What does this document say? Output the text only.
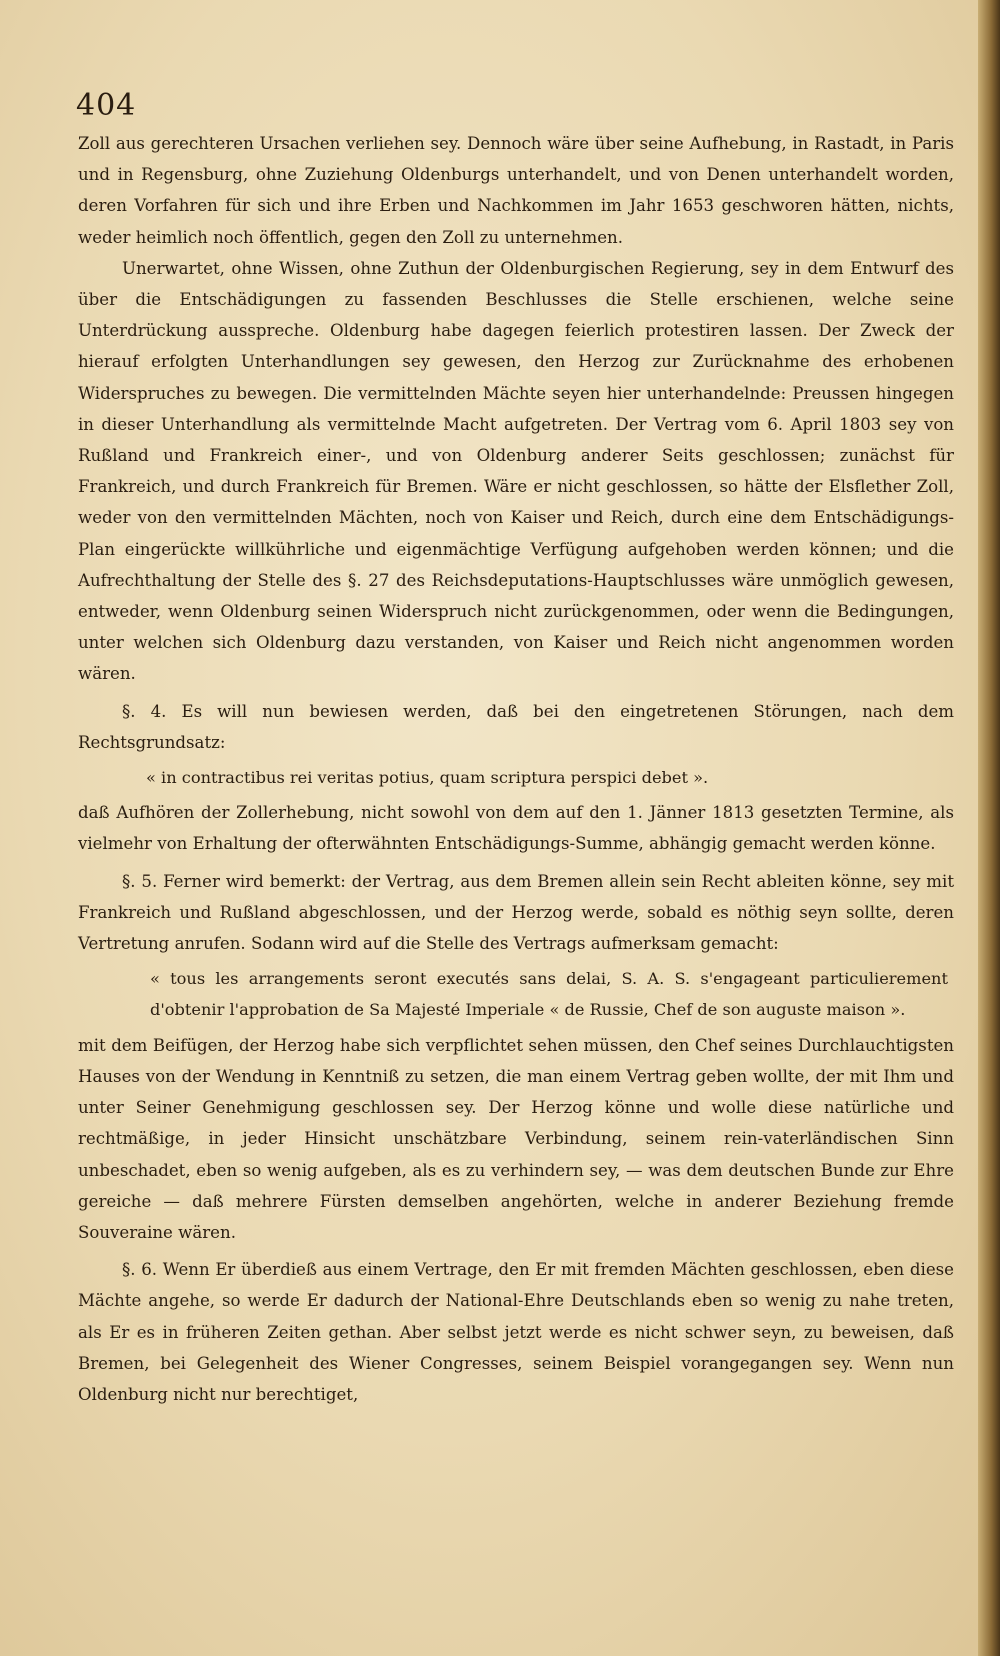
404

Zoll aus gerechteren Ursachen verliehen sey. Dennoch wäre über seine Aufhebung, in Rastadt, in Paris und in Regensburg, ohne Zuziehung Oldenburgs unterhandelt, und von Denen unterhandelt worden, deren Vorfahren für sich und ihre Erben und Nachkommen im Jahr 1653 geschworen hätten, nichts, weder heimlich noch öffentlich, gegen den Zoll zu unternehmen.

Unerwartet, ohne Wissen, ohne Zuthun der Oldenburgischen Regierung, sey in dem Entwurf des über die Entschädigungen zu fassenden Beschlusses die Stelle erschienen, welche seine Unterdrückung ausspreche. Oldenburg habe dagegen feierlich protestiren lassen. Der Zweck der hierauf erfolgten Unterhandlungen sey gewesen, den Herzog zur Zurücknahme des erhobenen Widerspruches zu bewegen. Die vermittelnden Mächte seyen hier unterhandelnde: Preussen hingegen in dieser Unterhandlung als vermittelnde Macht aufgetreten. Der Vertrag vom 6. April 1803 sey von Rußland und Frankreich einer-, und von Oldenburg anderer Seits geschlossen; zunächst für Frankreich, und durch Frankreich für Bremen. Wäre er nicht geschlossen, so hätte der Elsflether Zoll, weder von den vermittelnden Mächten, noch von Kaiser und Reich, durch eine dem Entschädigungs-Plan eingerückte willkührliche und eigenmächtige Verfügung aufgehoben werden können; und die Aufrechthaltung der Stelle des §. 27 des Reichsdeputations-Hauptschlusses wäre unmöglich gewesen, entweder, wenn Oldenburg seinen Widerspruch nicht zurückgenommen, oder wenn die Bedingungen, unter welchen sich Oldenburg dazu verstanden, von Kaiser und Reich nicht angenommen worden wären.

§. 4. Es will nun bewiesen werden, daß bei den eingetretenen Störungen, nach dem Rechtsgrundsatz:

« in contractibus rei veritas potius, quam scriptura perspici debet ».

daß Aufhören der Zollerhebung, nicht sowohl von dem auf den 1. Jänner 1813 gesetzten Termine, als vielmehr von Erhaltung der ofterwähnten Entschädigungs-Summe, abhängig gemacht werden könne.

§. 5. Ferner wird bemerkt: der Vertrag, aus dem Bremen allein sein Recht ableiten könne, sey mit Frankreich und Rußland abgeschlossen, und der Herzog werde, sobald es nöthig seyn sollte, deren Vertretung anrufen. Sodann wird auf die Stelle des Vertrags aufmerksam gemacht:

« tous les arrangements seront executés sans delai, S. A. S. s'engageant particulierement d'obtenir l'approbation de Sa Majesté Imperiale « de Russie, Chef de son auguste maison ».

mit dem Beifügen, der Herzog habe sich verpflichtet sehen müssen, den Chef seines Durchlauchtigsten Hauses von der Wendung in Kenntniß zu setzen, die man einem Vertrag geben wollte, der mit Ihm und unter Seiner Genehmigung geschlossen sey. Der Herzog könne und wolle diese natürliche und rechtmäßige, in jeder Hinsicht unschätzbare Verbindung, seinem rein-vaterländischen Sinn unbeschadet, eben so wenig aufgeben, als es zu verhindern sey, — was dem deutschen Bunde zur Ehre gereiche — daß mehrere Fürsten demselben angehörten, welche in anderer Beziehung fremde Souveraine wären.

§. 6. Wenn Er überdieß aus einem Vertrage, den Er mit fremden Mächten geschlossen, eben diese Mächte angehe, so werde Er dadurch der National-Ehre Deutschlands eben so wenig zu nahe treten, als Er es in früheren Zeiten gethan. Aber selbst jetzt werde es nicht schwer seyn, zu beweisen, daß Bremen, bei Gelegenheit des Wiener Congresses, seinem Beispiel vorangegangen sey. Wenn nun Oldenburg nicht nur berechtiget,
